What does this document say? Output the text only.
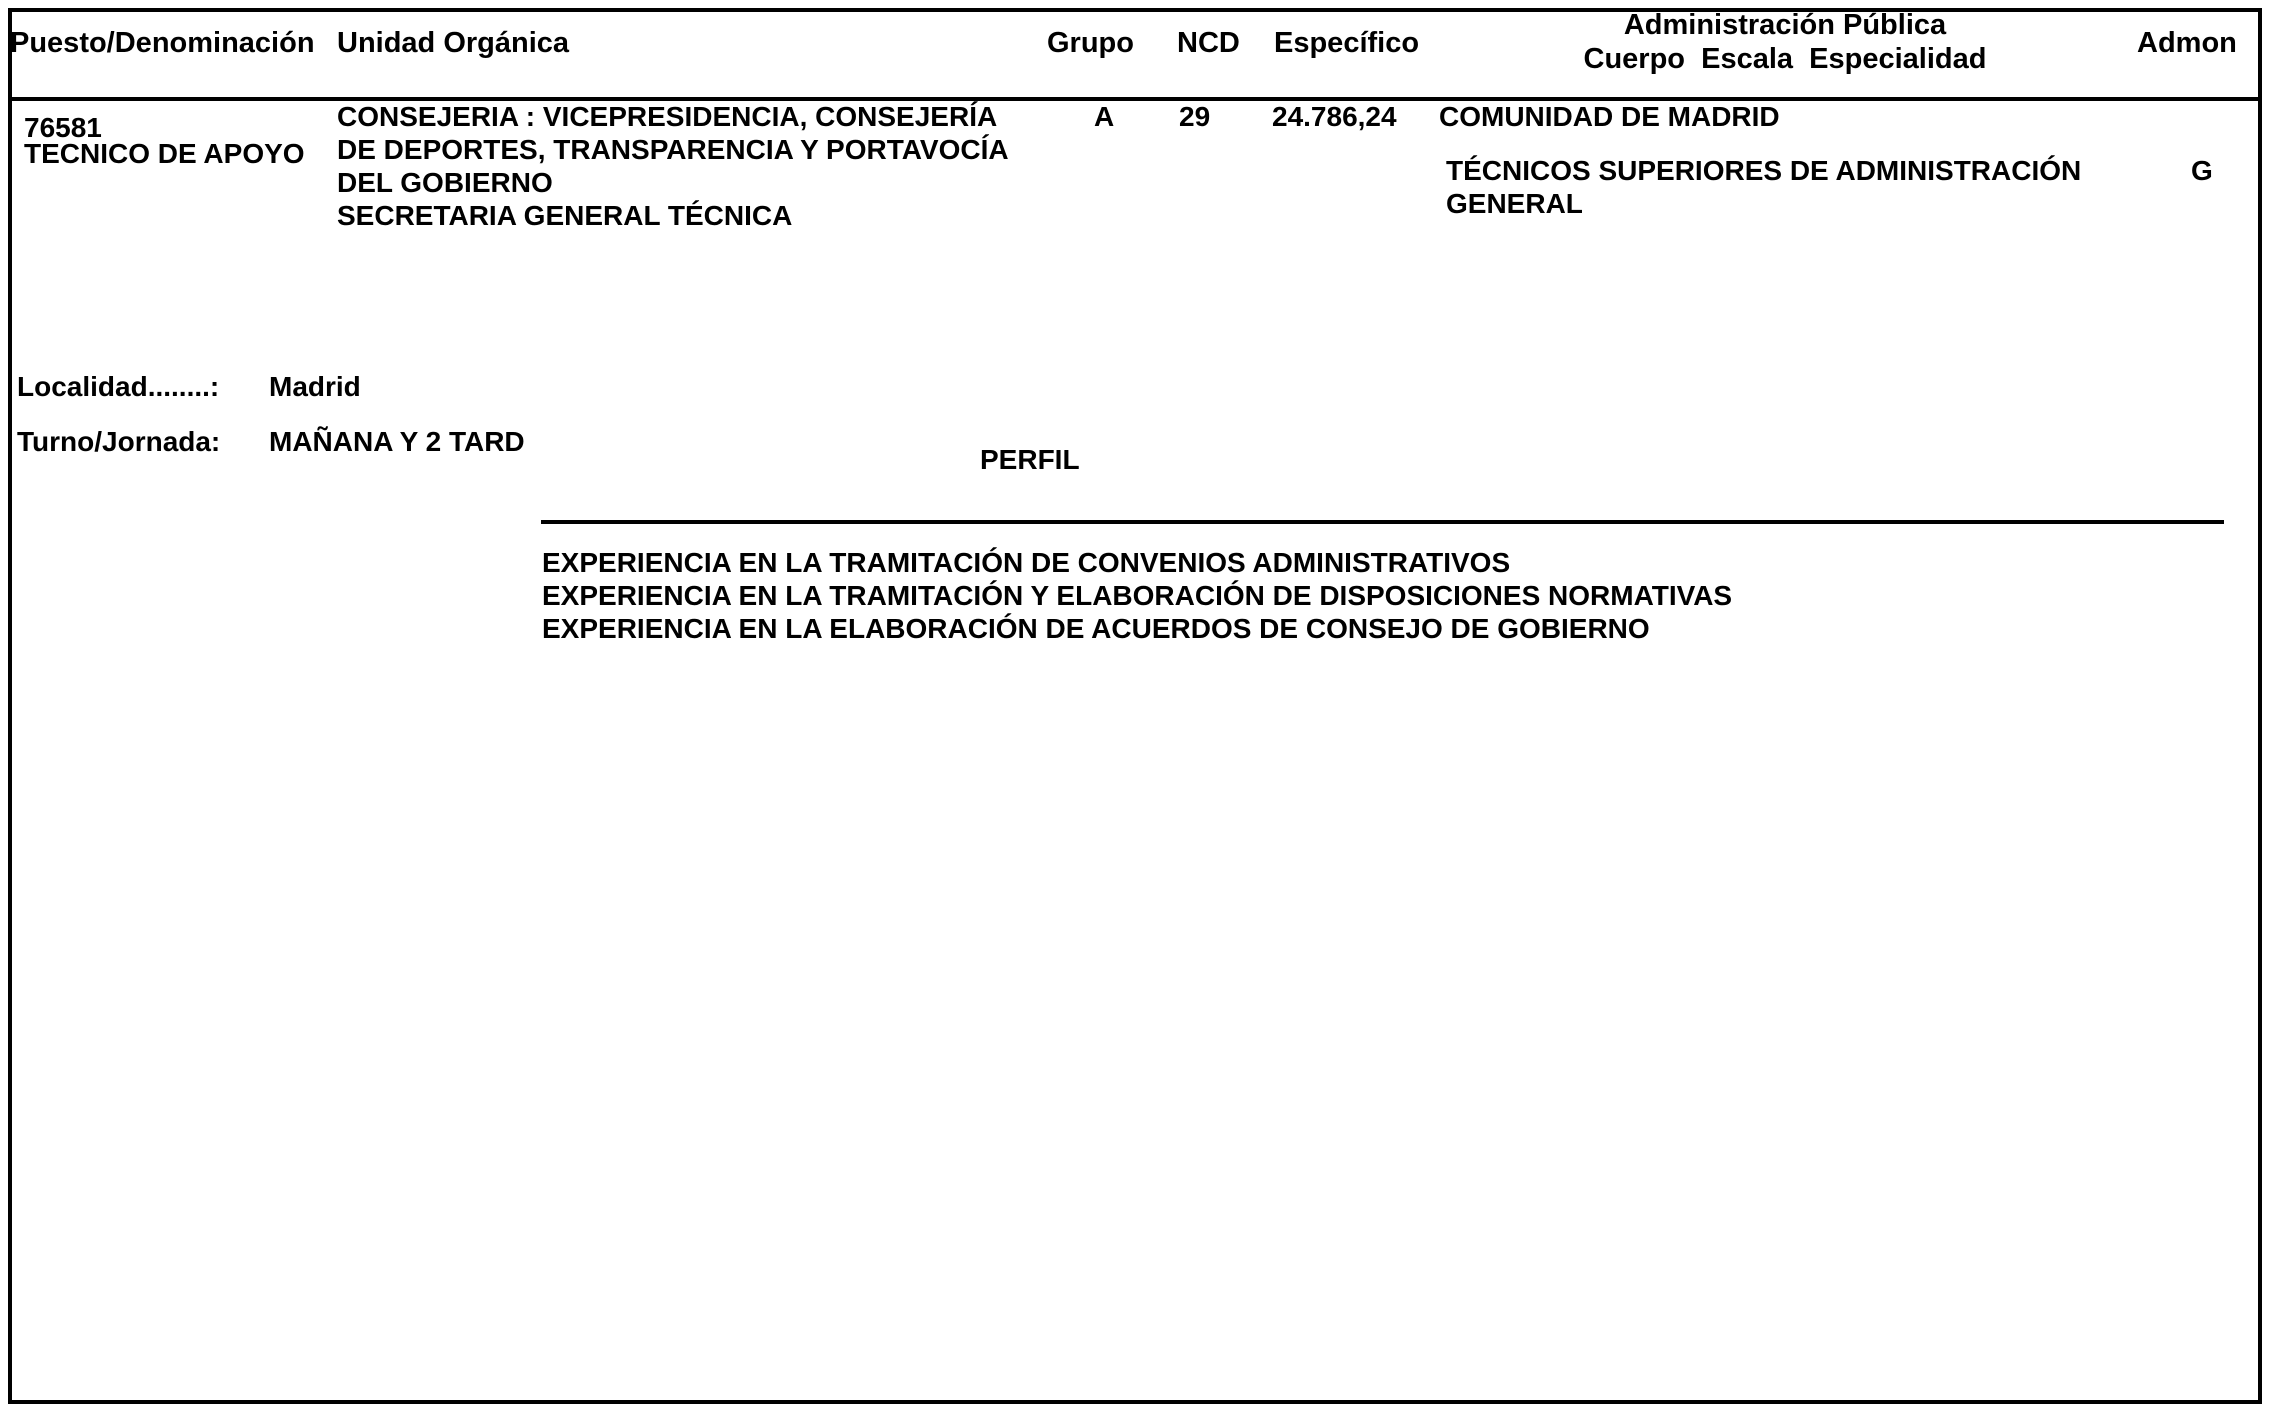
Puesto/Denominación Unidad Orgánica	Grupo NCD Específico
Administración Pública
Cuerpo  Escala  Especialidad	Admon
76581
TECNICO DE APOYO
CONSEJERIA : VICEPRESIDENCIA, CONSEJERÍA
DE DEPORTES, TRANSPARENCIA Y PORTAVOCÍA
DEL GOBIERNO
SECRETARIA GENERAL TÉCNICA
A 29 24.786,24 COMUNIDAD DE MADRID
TÉCNICOS SUPERIORES DE ADMINISTRACIÓN
GENERAL
G
Localidad........: Madrid
Turno/Jornada: MAÑANA Y 2 TARD
PERFIL
EXPERIENCIA EN LA TRAMITACIÓN DE CONVENIOS ADMINISTRATIVOS
EXPERIENCIA EN LA TRAMITACIÓN Y ELABORACIÓN DE DISPOSICIONES NORMATIVAS
EXPERIENCIA EN LA ELABORACIÓN DE ACUERDOS DE CONSEJO DE GOBIERNO
